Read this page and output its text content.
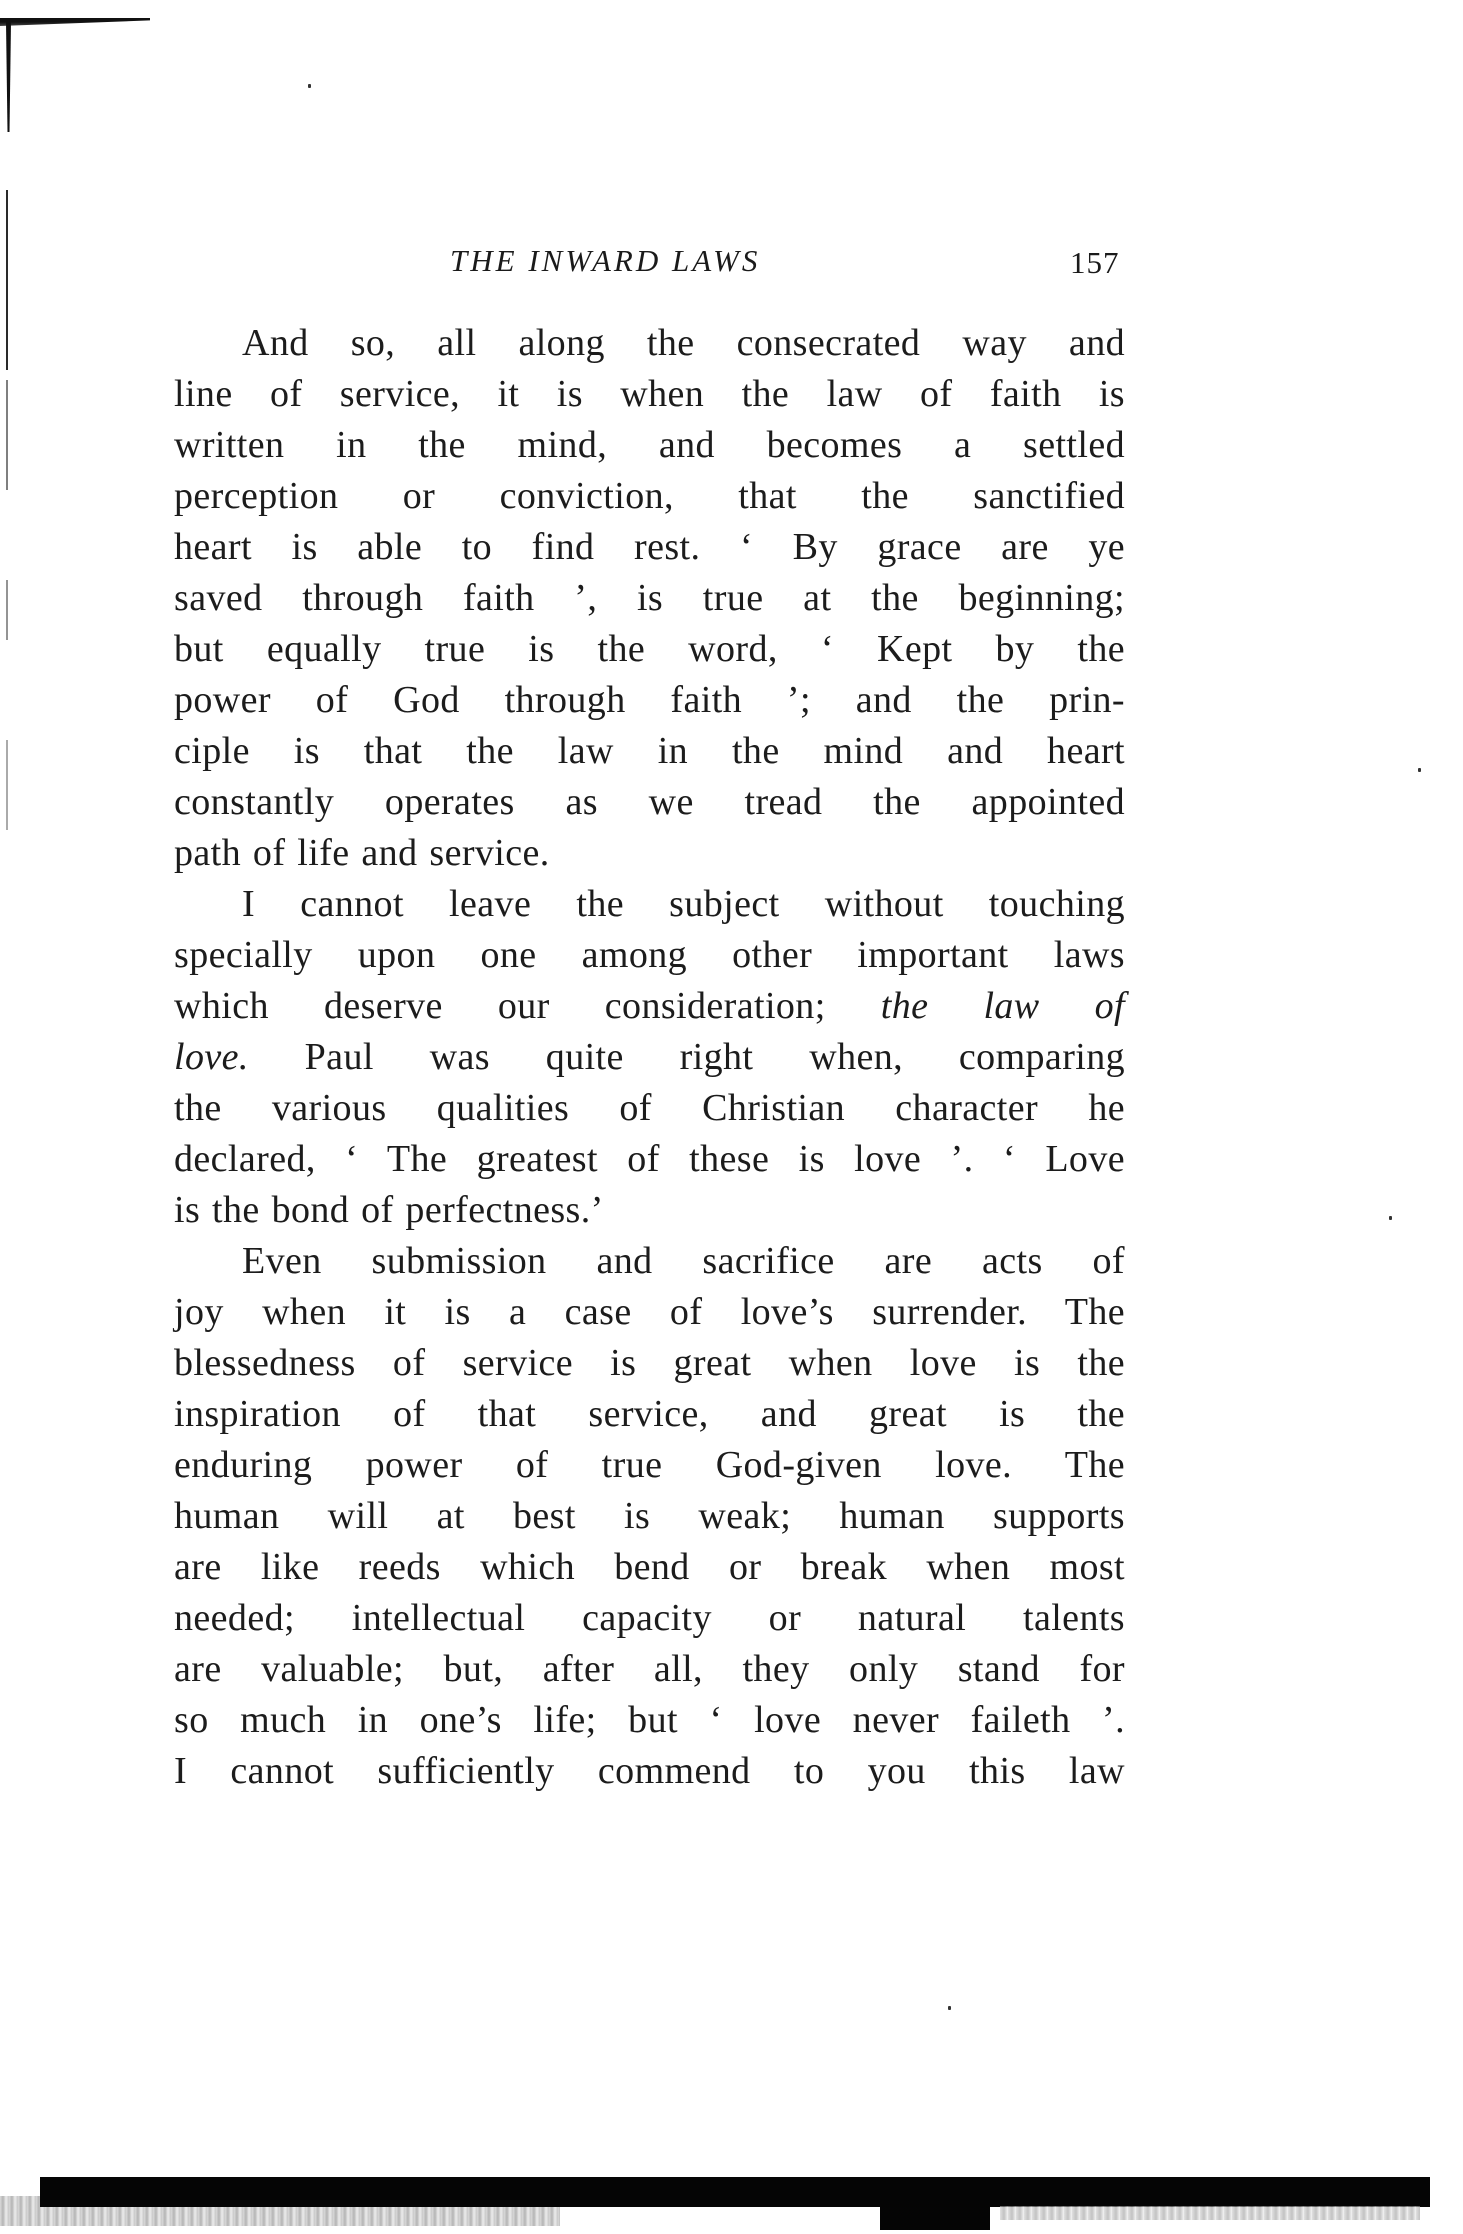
THE INWARD LAWS	157
And so, all along the consecrated way and
line of service, it is when the law of faith is
written in the mind, and becomes a settled
perception or conviction, that the sanctified
heart is able to find rest. ‘ By grace are ye
saved through faith ’, is true at the beginning;
but equally true is the word, ‘ Kept by the
power of God through faith ’; and the prin-
ciple is that the law in the mind and heart
constantly operates as we tread the appointed
path of life and service.
I cannot leave the subject without touching
specially upon one among other important laws
which deserve our consideration; the law of
love. Paul was quite right when, comparing
the various qualities of Christian character he
declared, ‘ The greatest of these is love ’. ‘ Love
is the bond of perfectness.’
Even submission and sacrifice are acts of
joy when it is a case of love’s surrender. The
blessedness of service is great when love is the
inspiration of that service, and great is the
enduring power of true God-given love. The
human will at best is weak; human supports
are like reeds which bend or break when most
needed; intellectual capacity or natural talents
are valuable; but, after all, they only stand for
so much in one’s life; but ‘ love never faileth ’.
I cannot sufficiently commend to you this law
